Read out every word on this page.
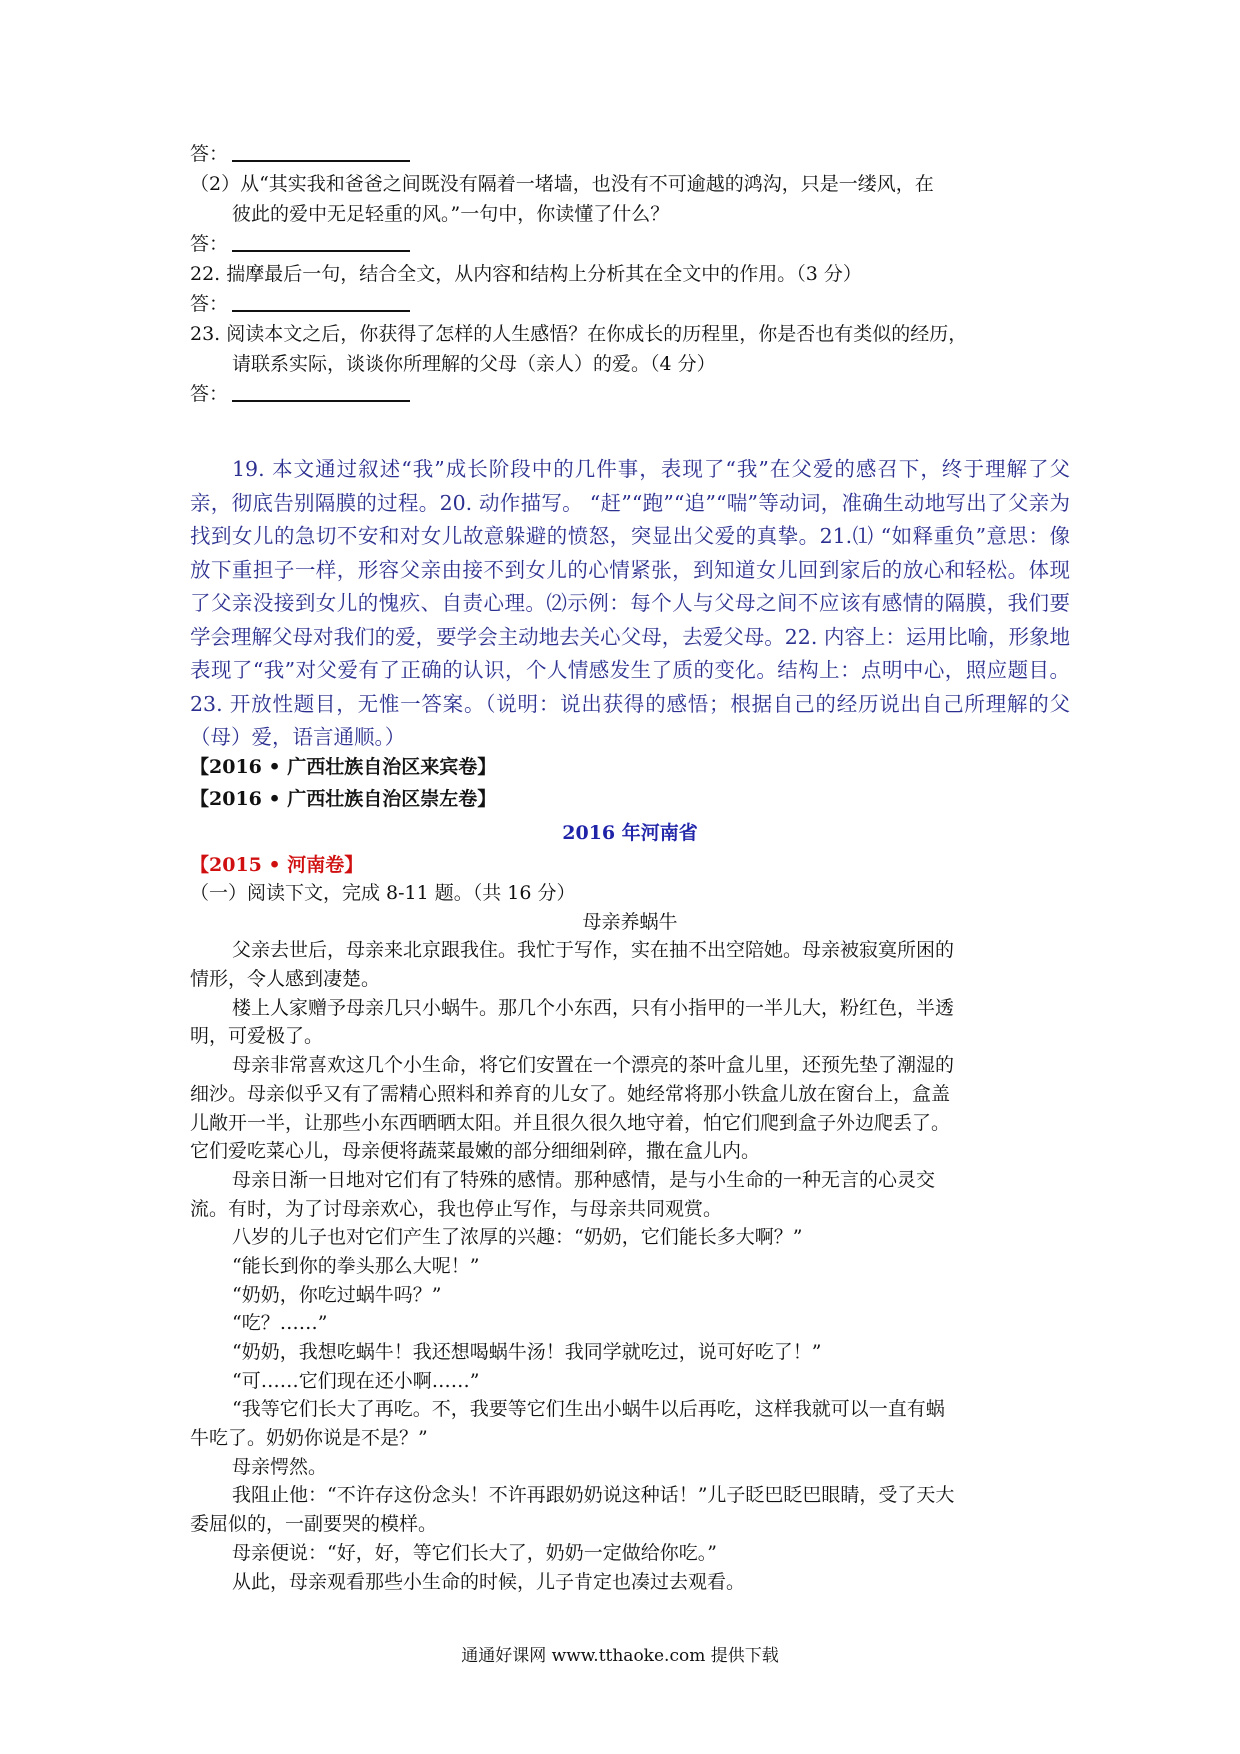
答：
（2）从“其实我和爸爸之间既没有隔着一堵墙，也没有不可逾越的鸿沟，只是一缕风，在
彼此的爱中无足轻重的风。”一句中，你读懂了什么？
答：
22. 揣摩最后一句，结合全文，从内容和结构上分析其在全文中的作用。（3 分）
答：
23. 阅读本文之后，你获得了怎样的人生感悟？在你成长的历程里，你是否也有类似的经历，
请联系实际，谈谈你所理解的父母（亲人）的爱。（4 分）
答：
19. 本文通过叙述“我”成长阶段中的几件事，表现了“我”在父爱的感召下，终于理解了父亲，彻底告别隔膜的过程。20. 动作描写。 “赶”“跑”“追”“喘”等动词，准确生动地写出了父亲为找到女儿的急切不安和对女儿故意躲避的愤怒，突显出父爱的真挚。21.⑴ “如释重负”意思：像放下重担子一样，形容父亲由接不到女儿的心情紧张，到知道女儿回到家后的放心和轻松。体现了父亲没接到女儿的愧疚、自责心理。⑵示例：每个人与父母之间不应该有感情的隔膜，我们要学会理解父母对我们的爱，要学会主动地去关心父母，去爱父母。22. 内容上：运用比喻，形象地表现了“我”对父爱有了正确的认识，个人情感发生了质的变化。结构上：点明中心，照应题目。23. 开放性题目，无惟一答案。（说明：说出获得的感悟；根据自己的经历说出自己所理解的父（母）爱，语言通顺。）
【2016 • 广西壮族自治区来宾卷】
【2016 • 广西壮族自治区崇左卷】
2016 年河南省
【2015 • 河南卷】
（一）阅读下文，完成 8-11 题。（共 16 分）
母亲养蜗牛
父亲去世后，母亲来北京跟我住。我忙于写作，实在抽不出空陪她。母亲被寂寞所困的
情形，令人感到凄楚。
楼上人家赠予母亲几只小蜗牛。那几个小东西，只有小指甲的一半儿大，粉红色，半透
明，可爱极了。
母亲非常喜欢这几个小生命，将它们安置在一个漂亮的茶叶盒儿里，还预先垫了潮湿的
细沙。母亲似乎又有了需精心照料和养育的儿女了。她经常将那小铁盒儿放在窗台上，盒盖
儿敞开一半，让那些小东西晒晒太阳。并且很久很久地守着，怕它们爬到盒子外边爬丢了。
它们爱吃菜心儿，母亲便将蔬菜最嫩的部分细细剁碎，撒在盒儿内。
母亲日渐一日地对它们有了特殊的感情。那种感情，是与小生命的一种无言的心灵交
流。有时，为了讨母亲欢心，我也停止写作，与母亲共同观赏。
八岁的儿子也对它们产生了浓厚的兴趣：“奶奶，它们能长多大啊？”
“能长到你的拳头那么大呢！”
“奶奶，你吃过蜗牛吗？”
“吃？……”
“奶奶，我想吃蜗牛！我还想喝蜗牛汤！我同学就吃过，说可好吃了！”
“可……它们现在还小啊……”
“我等它们长大了再吃。不，我要等它们生出小蜗牛以后再吃，这样我就可以一直有蜗
牛吃了。奶奶你说是不是？”
母亲愕然。
我阻止他：“不许存这份念头！不许再跟奶奶说这种话！”儿子眨巴眨巴眼睛，受了天大
委屈似的，一副要哭的模样。
母亲便说：“好，好，等它们长大了，奶奶一定做给你吃。”
从此，母亲观看那些小生命的时候，儿子肯定也凑过去观看。
通通好课网 www.tthaoke.com 提供下载
